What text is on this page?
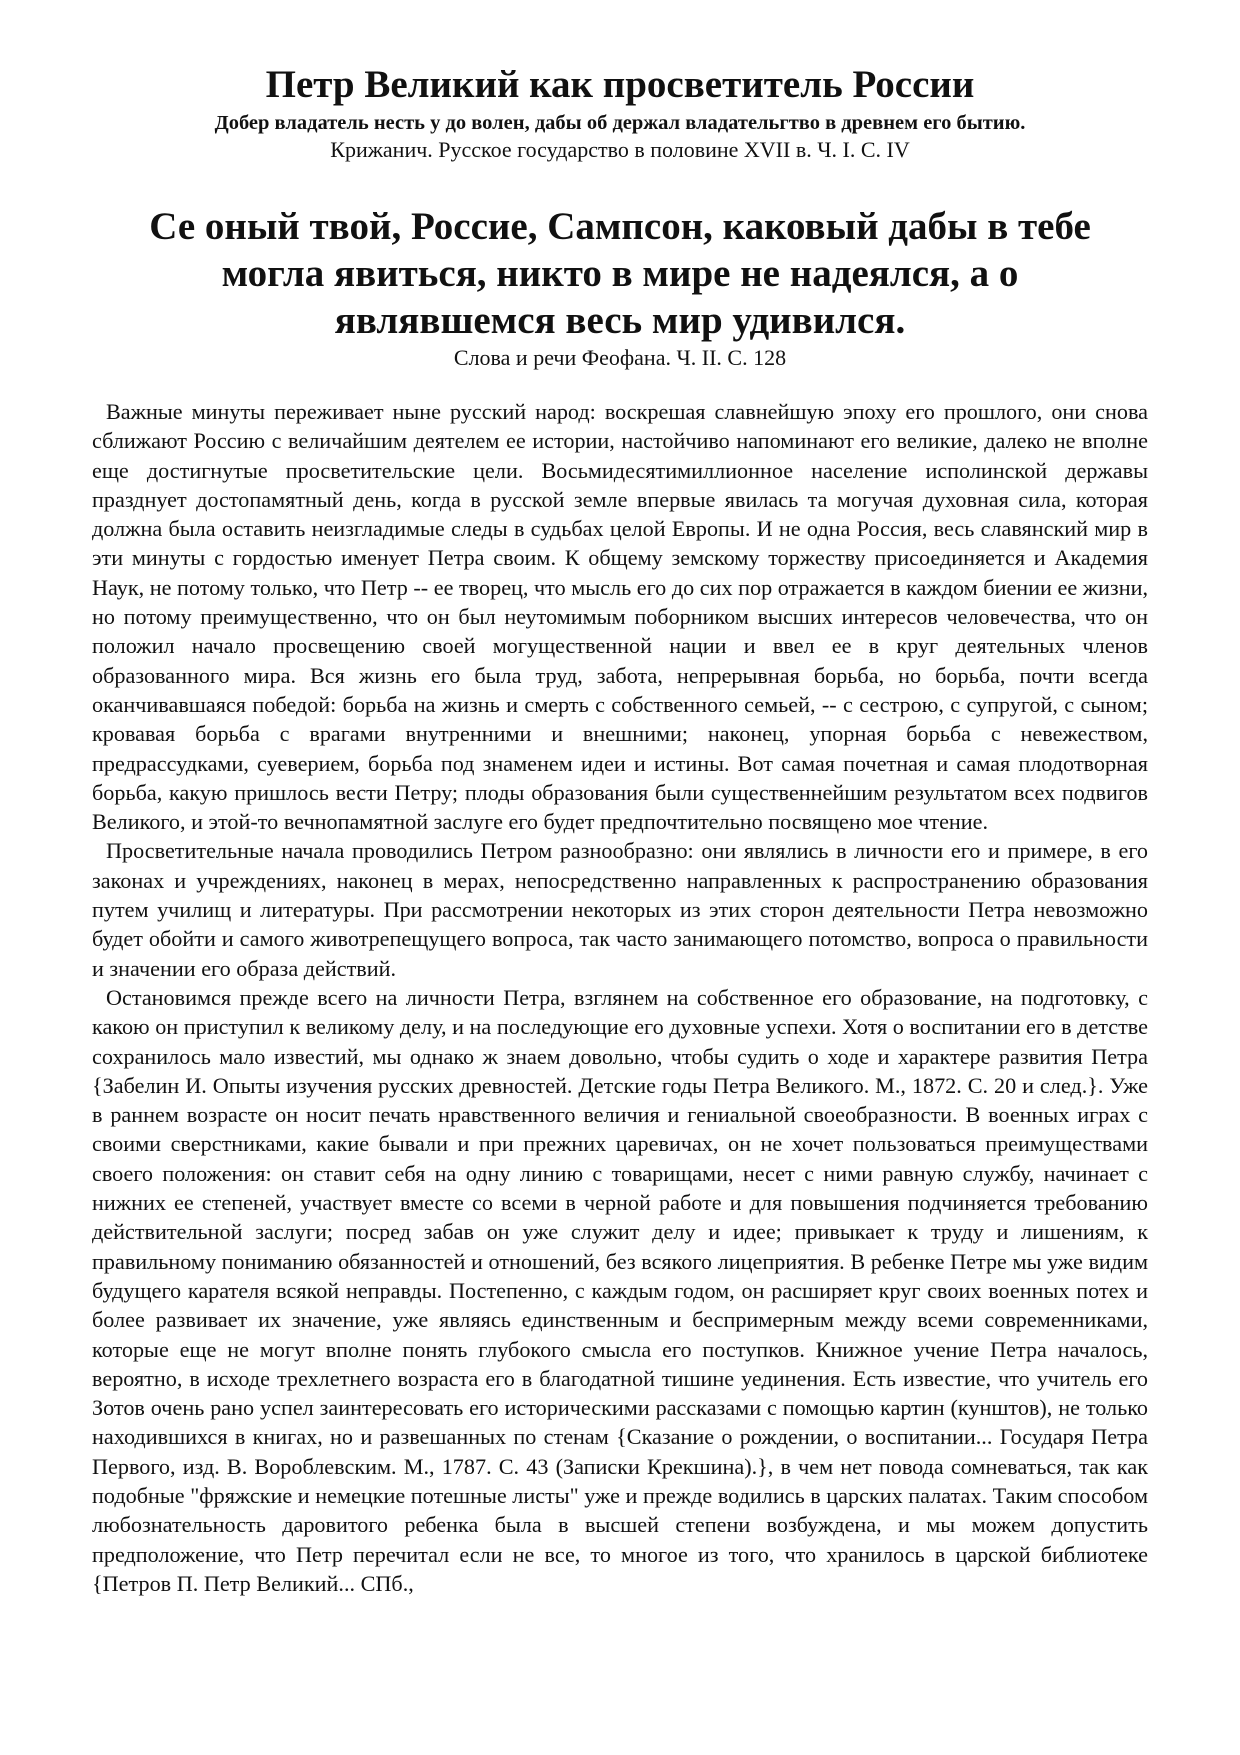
Петр Великий как просветитель России
Добер владатель несть у до волен, дабы об держал владательгтво в древнем его бытию.
Крижанич. Русское государство в половине XVII в. Ч. I. С. IV
Се оный твой, Россие, Сампсон, каковый дабы в тебе
могла явиться, никто в мире не надеялся, а о
являвшемся весь мир удивился.
Слова и речи Феофана. Ч. II. С. 128

Важные минуты переживает ныне русский народ: воскрешая славнейшую эпоху его прошлого, они снова сближают Россию с величайшим деятелем ее истории, настойчиво напоминают его великие, далеко не вполне еще достигнутые просветительские цели. Восьмидесятимиллионное население исполинской державы празднует достопамятный день, когда в русской земле впервые явилась та могучая духовная сила, которая должна была оставить неизгладимые следы в судьбах целой Европы. И не одна Россия, весь славянский мир в эти минуты с гордостью именует Петра своим. К общему земскому торжеству присоединяется и Академия Наук, не потому только, что Петр -- ее творец, что мысль его до сих пор отражается в каждом биении ее жизни, но потому преимущественно, что он был неутомимым поборником высших интересов человечества, что он положил начало просвещению своей могущественной нации и ввел ее в круг деятельных членов образованного мира. Вся жизнь его была труд, забота, непрерывная борьба, но борьба, почти всегда оканчивавшаяся победой: борьба на жизнь и смерть с собственного семьей, -- с сестрою, с супругой, с сыном; кровавая борьба с врагами внутренними и внешними; наконец, упорная борьба с невежеством, предрассудками, суеверием, борьба под знаменем идеи и истины. Вот самая почетная и самая плодотворная борьба, какую пришлось вести Петру; плоды образования были существеннейшим результатом всех подвигов Великого, и этой-то вечнопамятной заслуге его будет предпочтительно посвящено мое чтение.

Просветительные начала проводились Петром разнообразно: они являлись в личности его и примере, в его законах и учреждениях, наконец в мерах, непосредственно направленных к распространению образования путем училищ и литературы. При рассмотрении некоторых из этих сторон деятельности Петра невозможно будет обойти и самого животрепещущего вопроса, так часто занимающего потомство, вопроса о правильности и значении его образа действий.

Остановимся прежде всего на личности Петра, взглянем на собственное его образование, на подготовку, с какою он приступил к великому делу, и на последующие его духовные успехи. Хотя о воспитании его в детстве сохранилось мало известий, мы однако ж знаем довольно, чтобы судить о ходе и характере развития Петра {Забелин И. Опыты изучения русских древностей. Детские годы Петра Великого. М., 1872. С. 20 и след.}. Уже в раннем возрасте он носит печать нравственного величия и гениальной своеобразности. В военных играх с своими сверстниками, какие бывали и при прежних царевичах, он не хочет пользоваться преимуществами своего положения: он ставит себя на одну линию с товарищами, несет с ними равную службу, начинает с нижних ее степеней, участвует вместе со всеми в черной работе и для повышения подчиняется требованию действительной заслуги; посред забав он уже служит делу и идее; привыкает к труду и лишениям, к правильному пониманию обязанностей и отношений, без всякого лицеприятия. В ребенке Петре мы уже видим будущего карателя всякой неправды. Постепенно, с каждым годом, он расширяет круг своих военных потех и более развивает их значение, уже являясь единственным и беспримерным между всеми современниками, которые еще не могут вполне понять глубокого смысла его поступков. Книжное учение Петра началось, вероятно, в исходе трехлетнего возраста его в благодатной тишине уединения. Есть известие, что учитель его Зотов очень рано успел заинтересовать его историческими рассказами с помощью картин (кунштов), не только находившихся в книгах, но и развешанных по стенам {Сказание о рождении, о воспитании... Государя Петра Первого, изд. В. Вороблевским. М., 1787. С. 43 (Записки Крекшина).}, в чем нет повода сомневаться, так как подобные "фряжские и немецкие потешные листы" уже и прежде водились в царских палатах. Таким способом любознательность даровитого ребенка была в высшей степени возбуждена, и мы можем допустить предположение, что Петр перечитал если не все, то многое из того, что хранилось в царской библиотеке {Петров П. Петр Великий... СПб.,
